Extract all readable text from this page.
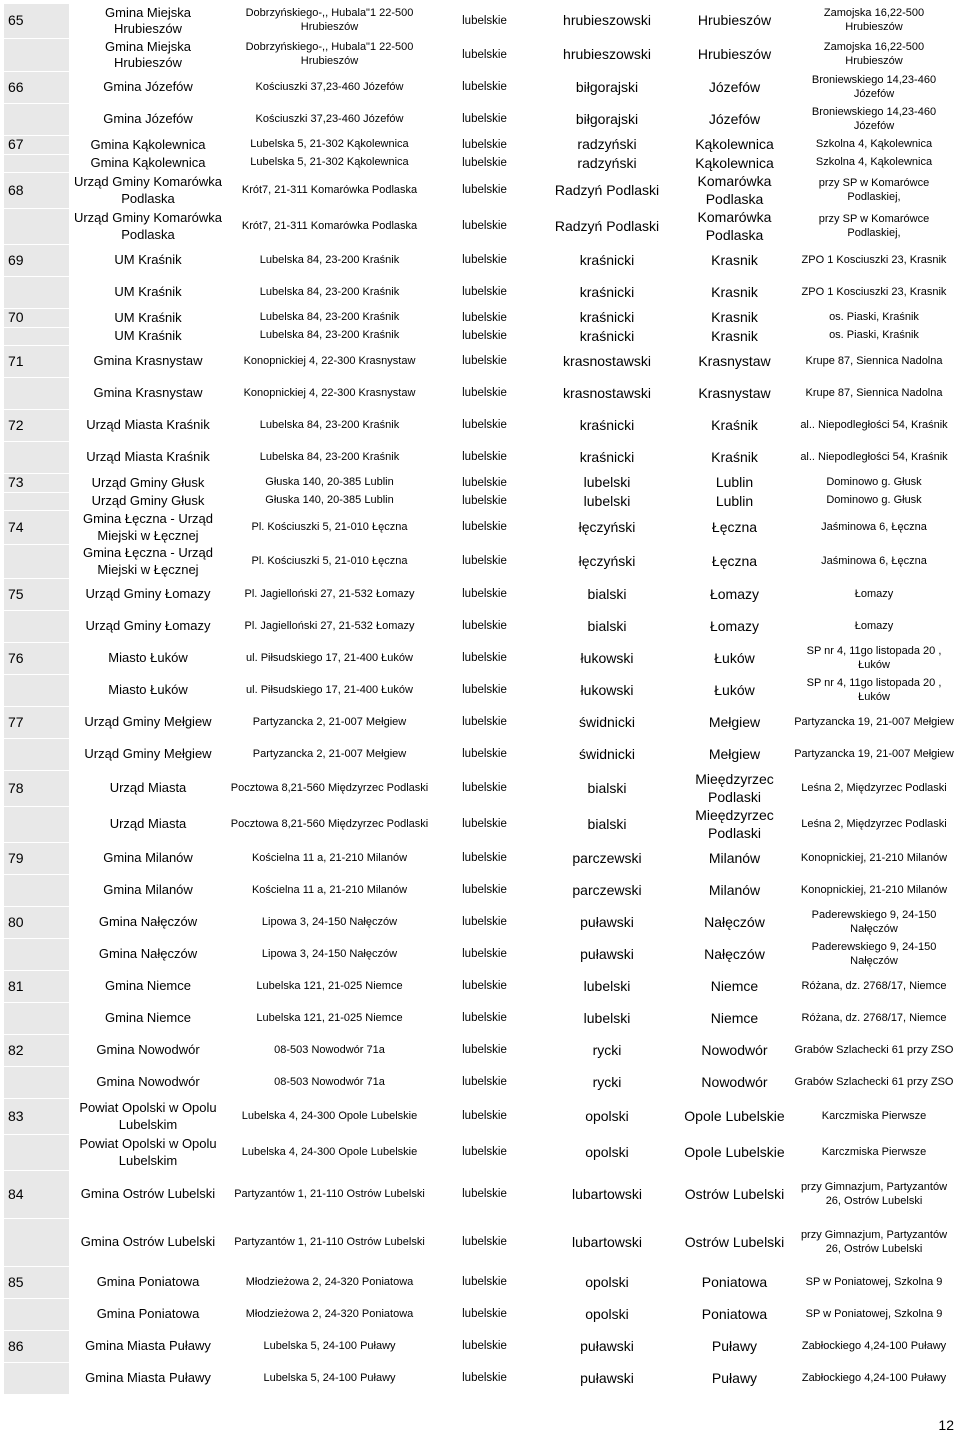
65	Gmina Miejska Hrubieszów	Dobrzyńskiego-,, Hubala"1 22-500 Hrubieszów	lubelskie	hrubieszowski	Hrubieszów	Zamojska 16,22-500 Hrubieszów
	Gmina Miejska Hrubieszów	Dobrzyńskiego-,, Hubala"1 22-500 Hrubieszów	lubelskie	hrubieszowski	Hrubieszów	Zamojska 16,22-500 Hrubieszów
66	Gmina Józefów	Kościuszki 37,23-460 Józefów	lubelskie	biłgorajski	Józefów	Broniewskiego 14,23-460 Józefów
	Gmina Józefów	Kościuszki 37,23-460 Józefów	lubelskie	biłgorajski	Józefów	Broniewskiego 14,23-460 Józefów
67	Gmina Kąkolewnica	Lubelska 5, 21-302 Kąkolewnica	lubelskie	radzyński	Kąkolewnica	Szkolna 4, Kąkolewnica
	Gmina Kąkolewnica	Lubelska 5, 21-302 Kąkolewnica	lubelskie	radzyński	Kąkolewnica	Szkolna 4, Kąkolewnica
68	Urząd Gminy Komarówka Podlaska	Krót7, 21-311 Komarówka Podlaska	lubelskie	Radzyń Podlaski	Komarówka Podlaska	przy SP w Komarówce Podlaskiej,
	Urząd Gminy Komarówka Podlaska	Krót7, 21-311 Komarówka Podlaska	lubelskie	Radzyń Podlaski	Komarówka Podlaska	przy SP w Komarówce Podlaskiej,
69	UM Kraśnik	Lubelska 84, 23-200 Kraśnik	lubelskie	kraśnicki	Krasnik	ZPO 1 Kosciuszki 23, Krasnik
	UM Kraśnik	Lubelska 84, 23-200 Kraśnik	lubelskie	kraśnicki	Krasnik	ZPO 1 Kosciuszki 23, Krasnik
70	UM Kraśnik	Lubelska 84, 23-200 Kraśnik	lubelskie	kraśnicki	Krasnik	os. Piaski, Kraśnik
	UM Kraśnik	Lubelska 84, 23-200 Kraśnik	lubelskie	kraśnicki	Krasnik	os. Piaski, Kraśnik
71	Gmina Krasnystaw	Konopnickiej 4, 22-300 Krasnystaw	lubelskie	krasnostawski	Krasnystaw	Krupe 87, Siennica Nadolna
	Gmina Krasnystaw	Konopnickiej 4, 22-300 Krasnystaw	lubelskie	krasnostawski	Krasnystaw	Krupe 87, Siennica Nadolna
72	Urząd Miasta Kraśnik	Lubelska 84, 23-200 Kraśnik	lubelskie	kraśnicki	Kraśnik	al.. Niepodległości 54, Kraśnik
	Urząd Miasta Kraśnik	Lubelska 84, 23-200 Kraśnik	lubelskie	kraśnicki	Kraśnik	al.. Niepodległości 54, Kraśnik
73	Urząd Gminy Głusk	Głuska 140, 20-385 Lublin	lubelskie	lubelski	Lublin	Dominowo g. Głusk
	Urząd Gminy Głusk	Głuska 140, 20-385 Lublin	lubelskie	lubelski	Lublin	Dominowo g. Głusk
74	Gmina Łęczna - Urząd Miejski w Łęcznej	Pl. Kościuszki 5, 21-010 Łęczna	lubelskie	łęczyński	Łęczna	Jaśminowa 6, Łęczna
	Gmina Łęczna - Urząd Miejski w Łęcznej	Pl. Kościuszki 5, 21-010 Łęczna	lubelskie	łęczyński	Łęczna	Jaśminowa 6, Łęczna
75	Urząd Gminy Łomazy	Pl. Jagielloński 27, 21-532 Łomazy	lubelskie	bialski	Łomazy	Łomazy
	Urząd Gminy Łomazy	Pl. Jagielloński 27, 21-532 Łomazy	lubelskie	bialski	Łomazy	Łomazy
76	Miasto Łuków	ul. Piłsudskiego 17, 21-400 Łuków	lubelskie	łukowski	Łuków	SP nr 4, 11go listopada 20 , Łuków
	Miasto Łuków	ul. Piłsudskiego 17, 21-400 Łuków	lubelskie	łukowski	Łuków	SP nr 4, 11go listopada 20 , Łuków
77	Urząd Gminy Mełgiew	Partyzancka 2, 21-007 Mełgiew	lubelskie	świdnicki	Mełgiew	Partyzancka 19, 21-007 Mełgiew
	Urząd Gminy Mełgiew	Partyzancka 2, 21-007 Mełgiew	lubelskie	świdnicki	Mełgiew	Partyzancka 19, 21-007 Mełgiew
78	Urząd Miasta	Pocztowa 8,21-560 Międzyrzec Podlaski	lubelskie	bialski	Mieędzyrzec Podlaski	Leśna 2, Międzyrzec Podlaski
	Urząd Miasta	Pocztowa 8,21-560 Międzyrzec Podlaski	lubelskie	bialski	Mieędzyrzec Podlaski	Leśna 2, Międzyrzec Podlaski
79	Gmina Milanów	Kościelna 11 a, 21-210 Milanów	lubelskie	parczewski	Milanów	Konopnickiej, 21-210 Milanów
	Gmina Milanów	Kościelna 11 a, 21-210 Milanów	lubelskie	parczewski	Milanów	Konopnickiej, 21-210 Milanów
80	Gmina Nałęczów	Lipowa 3, 24-150 Nałęczów	lubelskie	puławski	Nałęczów	Paderewskiego 9, 24-150 Nałęczów
	Gmina Nałęczów	Lipowa 3, 24-150 Nałęczów	lubelskie	puławski	Nałęczów	Paderewskiego 9, 24-150 Nałęczów
81	Gmina Niemce	Lubelska 121, 21-025 Niemce	lubelskie	lubelski	Niemce	Różana, dz. 2768/17, Niemce
	Gmina Niemce	Lubelska 121, 21-025 Niemce	lubelskie	lubelski	Niemce	Różana, dz. 2768/17, Niemce
82	Gmina Nowodwór	08-503 Nowodwór 71a	lubelskie	rycki	Nowodwór	Grabów Szlachecki 61 przy ZSO
	Gmina Nowodwór	08-503 Nowodwór 71a	lubelskie	rycki	Nowodwór	Grabów Szlachecki 61 przy ZSO
83	Powiat Opolski w Opolu Lubelskim	Lubelska 4, 24-300 Opole Lubelskie	lubelskie	opolski	Opole Lubelskie	Karczmiska Pierwsze
	Powiat Opolski w Opolu Lubelskim	Lubelska 4, 24-300 Opole Lubelskie	lubelskie	opolski	Opole Lubelskie	Karczmiska Pierwsze
84	Gmina Ostrów Lubelski	Partyzantów 1, 21-110 Ostrów Lubelski	lubelskie	lubartowski	Ostrów Lubelski	przy Gimnazjum, Partyzantów 26, Ostrów Lubelski
	Gmina Ostrów Lubelski	Partyzantów 1, 21-110 Ostrów Lubelski	lubelskie	lubartowski	Ostrów Lubelski	przy Gimnazjum, Partyzantów 26, Ostrów Lubelski
85	Gmina Poniatowa	Młodzieżowa 2, 24-320 Poniatowa	lubelskie	opolski	Poniatowa	SP w Poniatowej, Szkolna 9
	Gmina Poniatowa	Młodzieżowa 2, 24-320 Poniatowa	lubelskie	opolski	Poniatowa	SP w Poniatowej, Szkolna 9
86	Gmina Miasta Puławy	Lubelska 5, 24-100 Puławy	lubelskie	puławski	Puławy	Zabłockiego 4,24-100 Puławy
	Gmina Miasta Puławy	Lubelska 5, 24-100 Puławy	lubelskie	puławski	Puławy	Zabłockiego 4,24-100 Puławy
12
